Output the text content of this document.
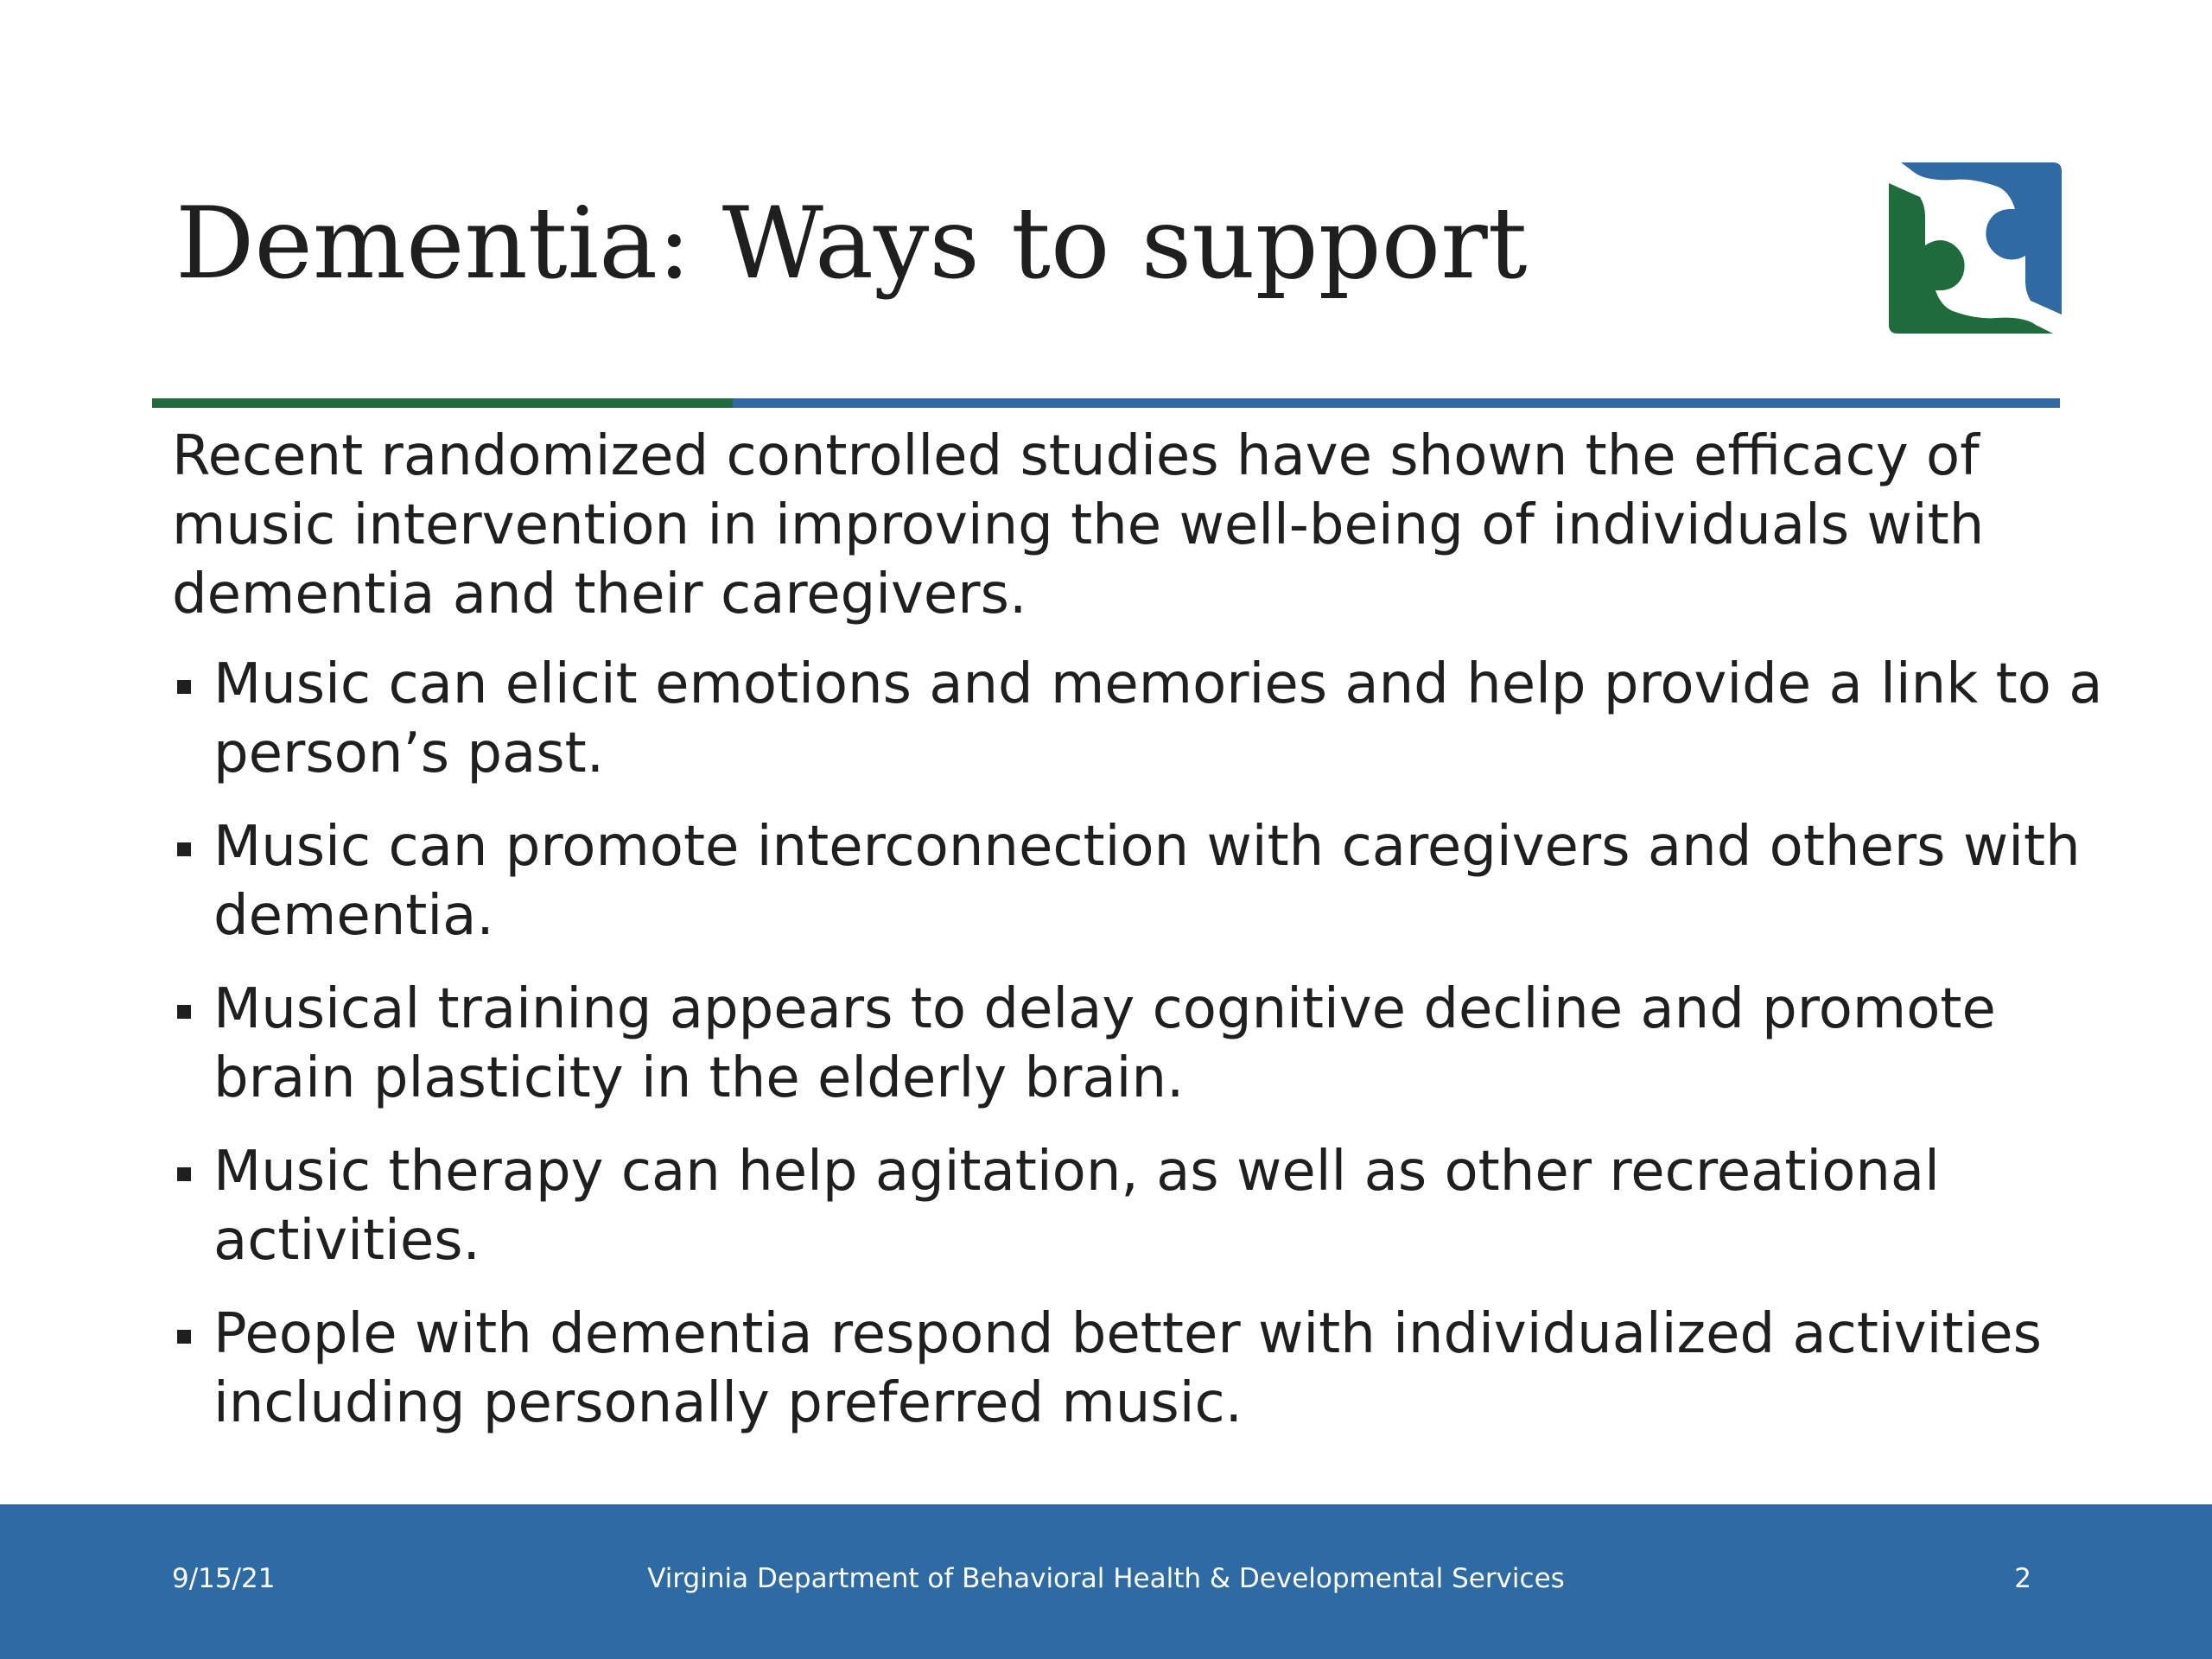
Dementia: Ways to support

Recent randomized controlled studies have shown the efficacy of music intervention in improving the well-being of individuals with dementia and their caregivers.

Music can elicit emotions and memories and help provide a link to a person’s past.
Music can promote interconnection with caregivers and others with dementia.
Musical training appears to delay cognitive decline and promote brain plasticity in the elderly brain.
Music therapy can help agitation, as well as other recreational activities.
People with dementia respond better with individualized activities including personally preferred music.
9/15/21	Virginia Department of Behavioral Health & Developmental Services	2
